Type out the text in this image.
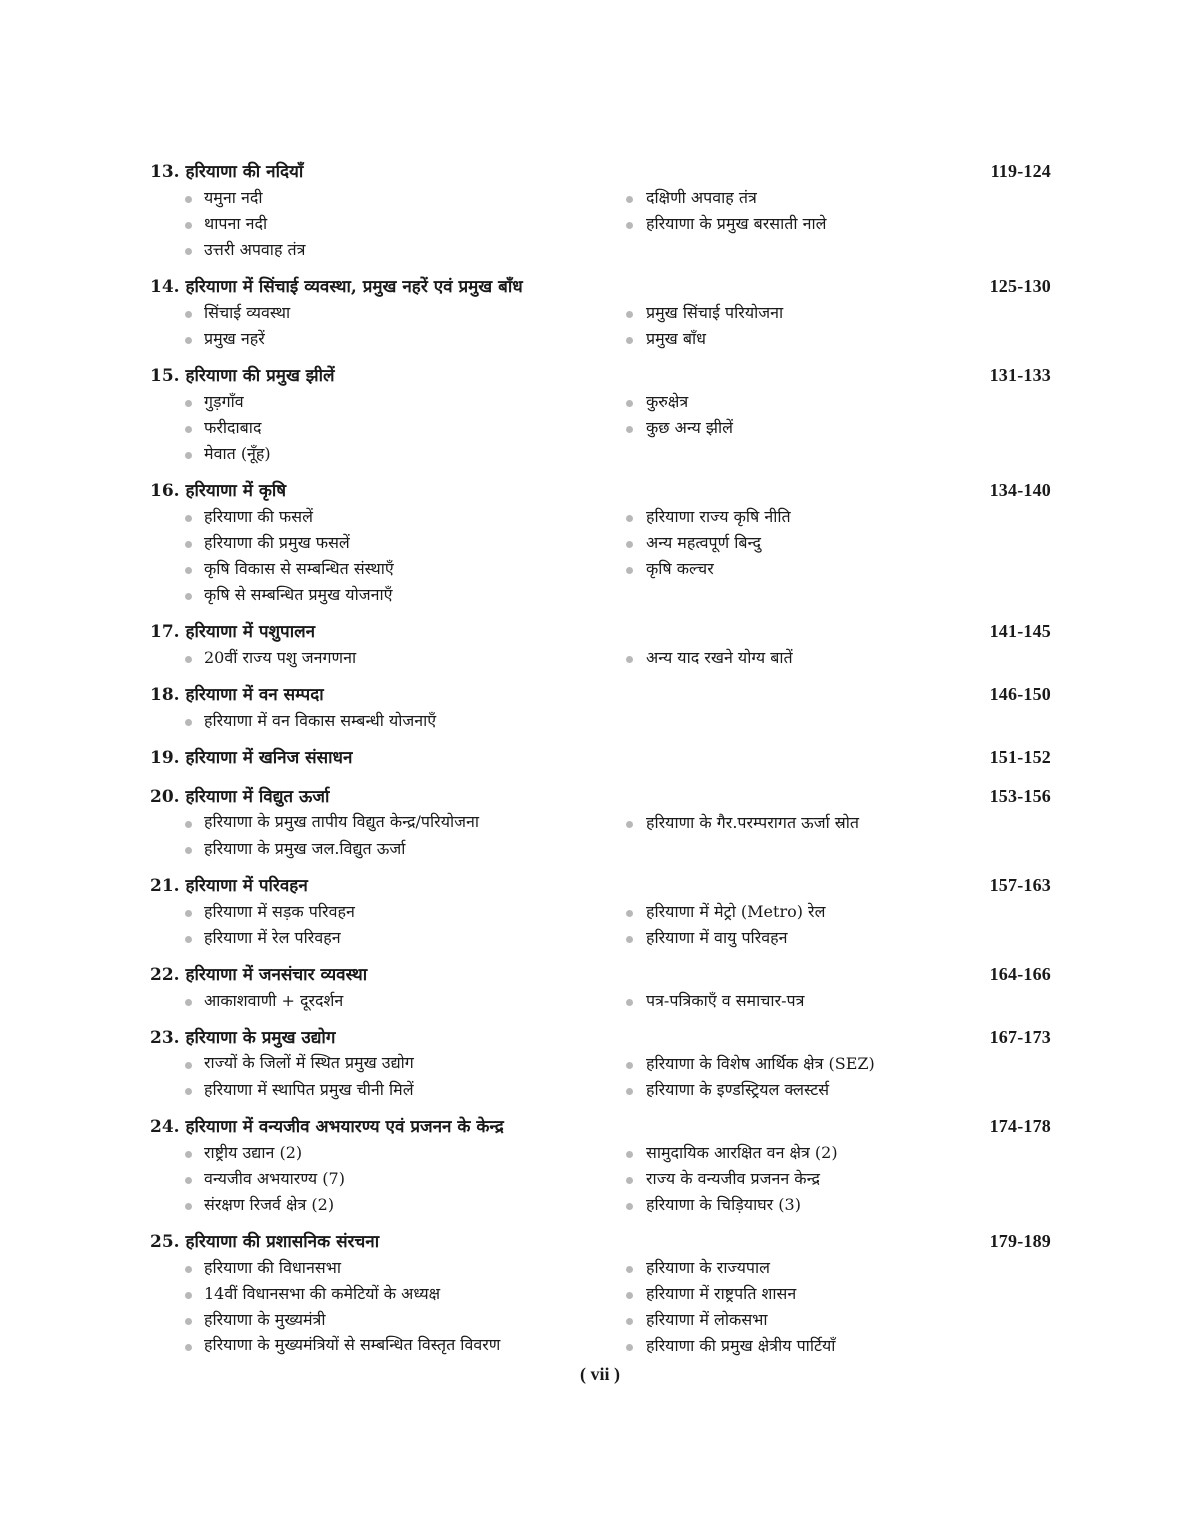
13. हरियाणा की नदियाँ	119-124
यमुना नदी	दक्षिणी अपवाह तंत्र
थापना नदी	हरियाणा के प्रमुख बरसाती नाले
उत्तरी अपवाह तंत्र
14. हरियाणा में सिंचाई व्यवस्था, प्रमुख नहरें एवं प्रमुख बाँध	125-130
सिंचाई व्यवस्था	प्रमुख सिंचाई परियोजना
प्रमुख नहरें	प्रमुख बाँध
15. हरियाणा की प्रमुख झीलें	131-133
गुड़गाँव	कुरुक्षेत्र
फरीदाबाद	कुछ अन्य झीलें
मेवात (नूँह)
16. हरियाणा में कृषि	134-140
हरियाणा की फसलें	हरियाणा राज्य कृषि नीति
हरियाणा की प्रमुख फसलें	अन्य महत्वपूर्ण बिन्दु
कृषि विकास से सम्बन्धित संस्थाएँ	कृषि कल्चर
कृषि से सम्बन्धित प्रमुख योजनाएँ
17. हरियाणा में पशुपालन	141-145
20वीं राज्य पशु जनगणना	अन्य याद रखने योग्य बातें
18. हरियाणा में वन सम्पदा	146-150
हरियाणा में वन विकास सम्बन्धी योजनाएँ
19. हरियाणा में खनिज संसाधन	151-152
20. हरियाणा में विद्युत ऊर्जा	153-156
हरियाणा के प्रमुख तापीय विद्युत केन्द्र/परियोजना	हरियाणा के गैर.परम्परागत ऊर्जा स्रोत
हरियाणा के प्रमुख जल.विद्युत ऊर्जा
21. हरियाणा में परिवहन	157-163
हरियाणा में सड़क परिवहन	हरियाणा में मेट्रो (Metro) रेल
हरियाणा में रेल परिवहन	हरियाणा में वायु परिवहन
22. हरियाणा में जनसंचार व्यवस्था	164-166
आकाशवाणी + दूरदर्शन	पत्र-पत्रिकाएँ व समाचार-पत्र
23. हरियाणा के प्रमुख उद्योग	167-173
राज्यों के जिलों में स्थित प्रमुख उद्योग	हरियाणा के विशेष आर्थिक क्षेत्र (SEZ)
हरियाणा में स्थापित प्रमुख चीनी मिलें	हरियाणा के इण्डस्ट्रियल क्लस्टर्स
24. हरियाणा में वन्यजीव अभयारण्य एवं प्रजनन के केन्द्र	174-178
राष्ट्रीय उद्यान (2)	सामुदायिक आरक्षित वन क्षेत्र (2)
वन्यजीव अभयारण्य (7)	राज्य के वन्यजीव प्रजनन केन्द्र
संरक्षण रिजर्व क्षेत्र (2)	हरियाणा के चिड़ियाघर (3)
25. हरियाणा की प्रशासनिक संरचना	179-189
हरियाणा की विधानसभा	हरियाणा के राज्यपाल
14वीं विधानसभा की कमेटियों के अध्यक्ष	हरियाणा में राष्ट्रपति शासन
हरियाणा के मुख्यमंत्री	हरियाणा में लोकसभा
हरियाणा के मुख्यमंत्रियों से सम्बन्धित विस्तृत विवरण	हरियाणा की प्रमुख क्षेत्रीय पार्टियाँ
( vii )
